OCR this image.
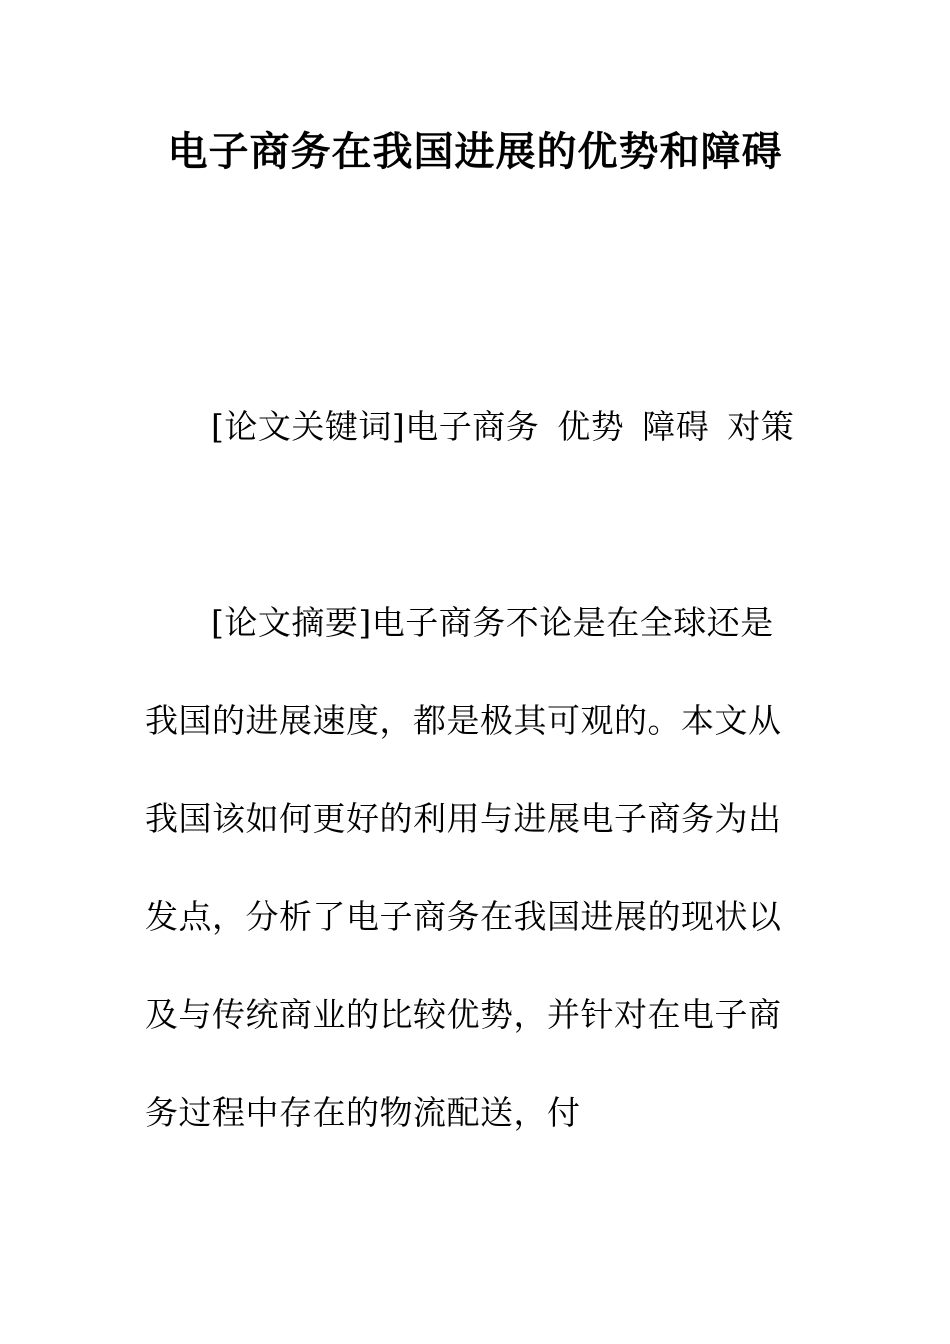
电子商务在我国进展的优势和障碍
[论文关键词]电子商务 优势 障碍 对策
[论文摘要]电子商务不论是在全球还是我国的进展速度，都是极其可观的。本文从我国该如何更好的利用与进展电子商务为出发点，分析了电子商务在我国进展的现状以及与传统商业的比较优势，并针对在电子商务过程中存在的物流配送，付
